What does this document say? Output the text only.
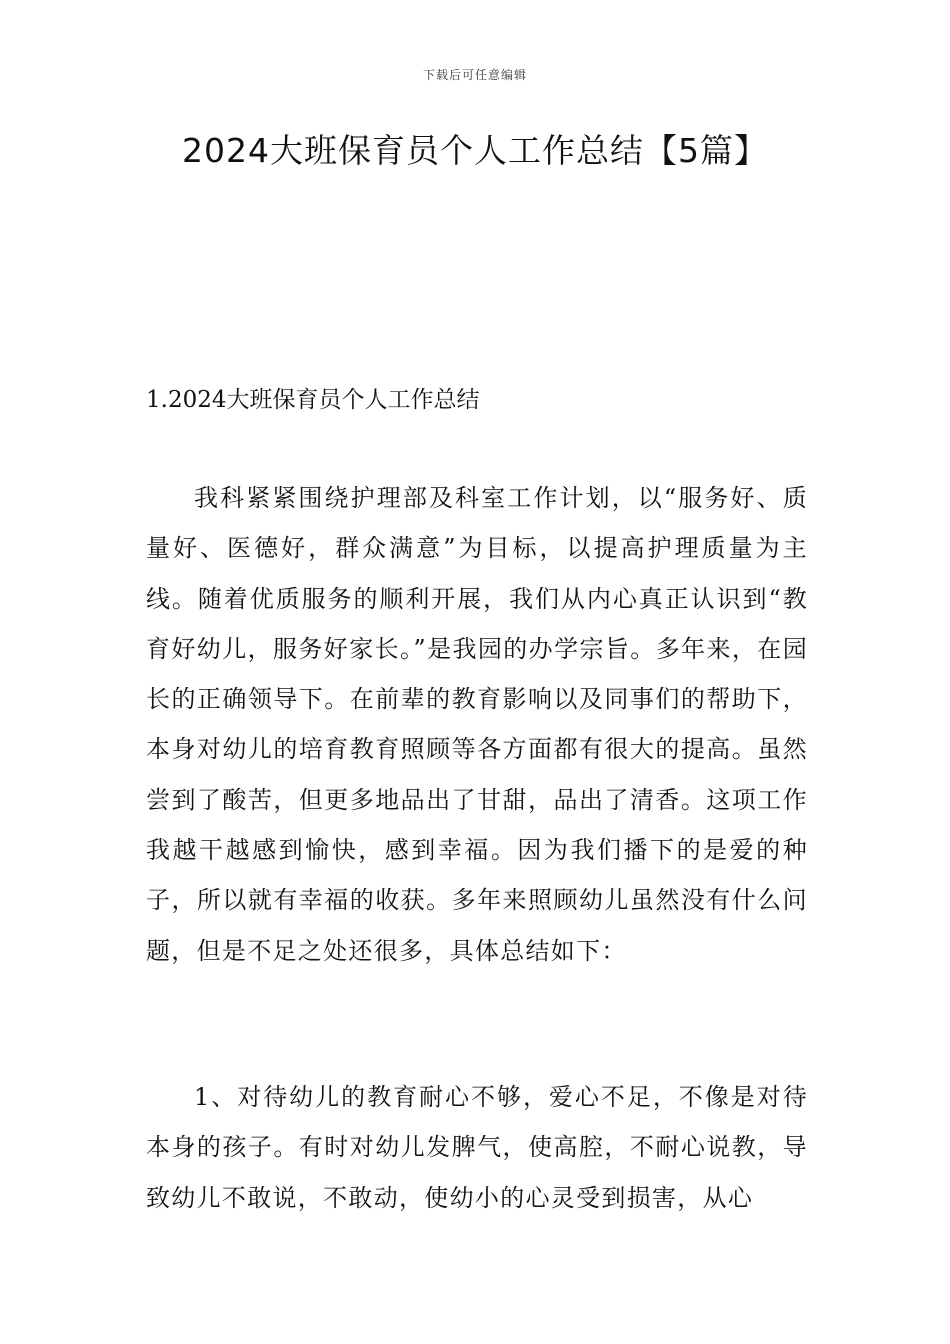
下载后可任意编辑
2024大班保育员个人工作总结【5篇】
1.2024大班保育员个人工作总结

我科紧紧围绕护理部及科室工作计划，以“服务好、质量好、医德好，群众满意”为目标，以提高护理质量为主线。随着优质服务的顺利开展，我们从内心真正认识到“教育好幼儿，服务好家长。”是我园的办学宗旨。多年来，在园长的正确领导下。在前辈的教育影响以及同事们的帮助下，本身对幼儿的培育教育照顾等各方面都有很大的提高。虽然尝到了酸苦，但更多地品出了甘甜，品出了清香。这项工作我越干越感到愉快，感到幸福。因为我们播下的是爱的种子，所以就有幸福的收获。多年来照顾幼儿虽然没有什么问题，但是不足之处还很多，具体总结如下：

1、对待幼儿的教育耐心不够，爱心不足，不像是对待本身的孩子。有时对幼儿发脾气，使高腔，不耐心说教，导致幼儿不敢说，不敢动，使幼小的心灵受到损害，从心
